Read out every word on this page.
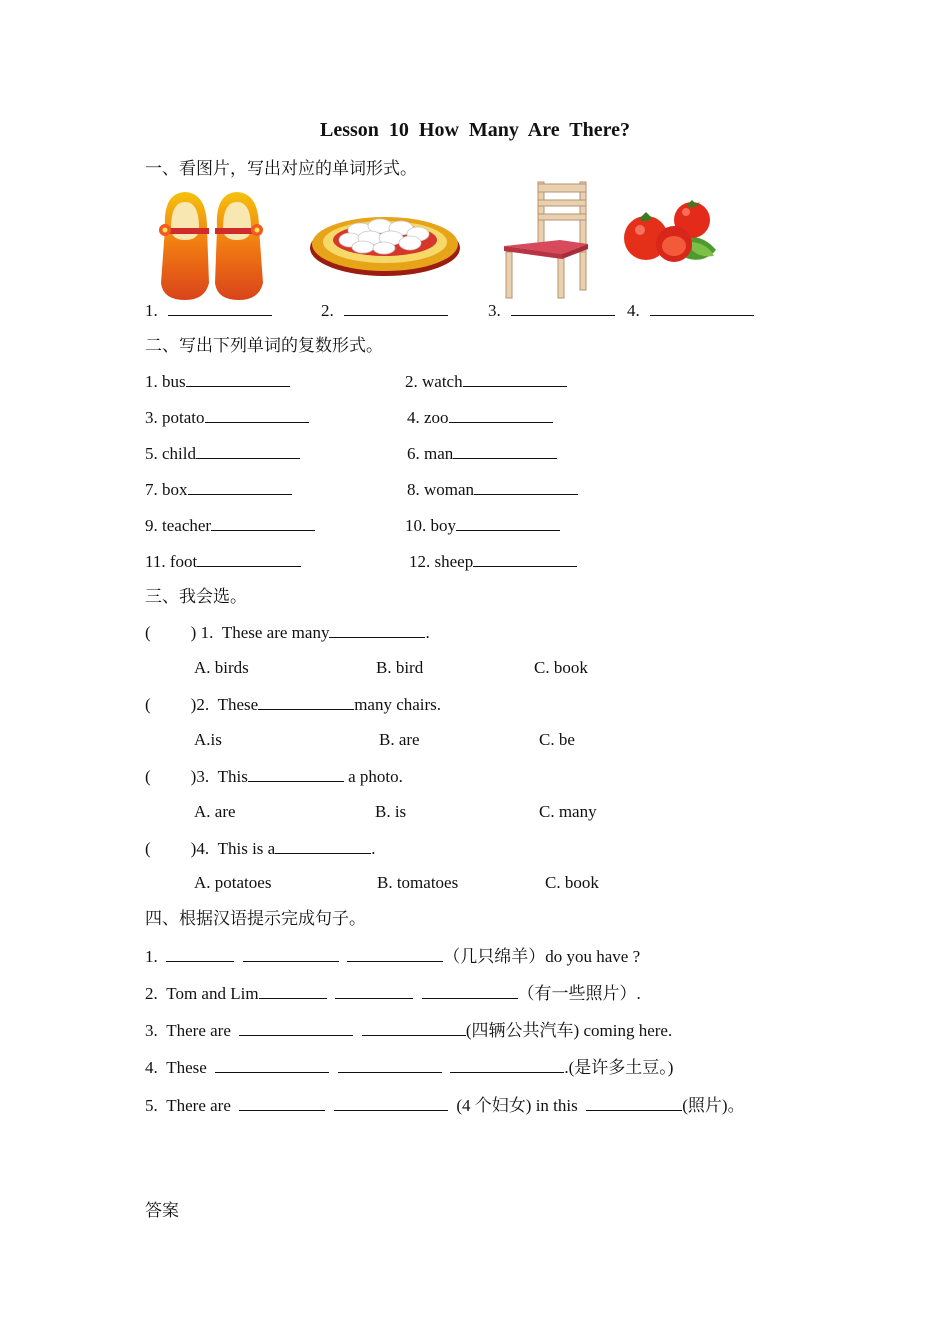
Lesson 10 How Many Are There?
一、看图片，写出对应的单词形式。
1.	2.	3.	4.
二、写出下列单词的复数形式。
1. bus	2. watch
3. potato	4. zoo
5. child	6. man
7. box	8. woman
9. teacher	10. boy
11. foot	12. sheep
三、我会选。
( ) 1. These are many	.
A. birds	B. bird	C. book
( )2. These	many chairs.
A.is	B. are	C. be
( )3. This	a photo.
A. are	B. is	C. many
( )4. This is a	.
A. potatoes	B. tomatoes	C. book
四、根据汉语提示完成句子。
1.	（几只绵羊）do you have ?
2. Tom and Lim	（有一些照片）.
3. There are	(四辆公共汽车) coming here.
4. These	.(是许多土豆。)
5. There are	(4 个妇女) in this	(照片)。
答案
